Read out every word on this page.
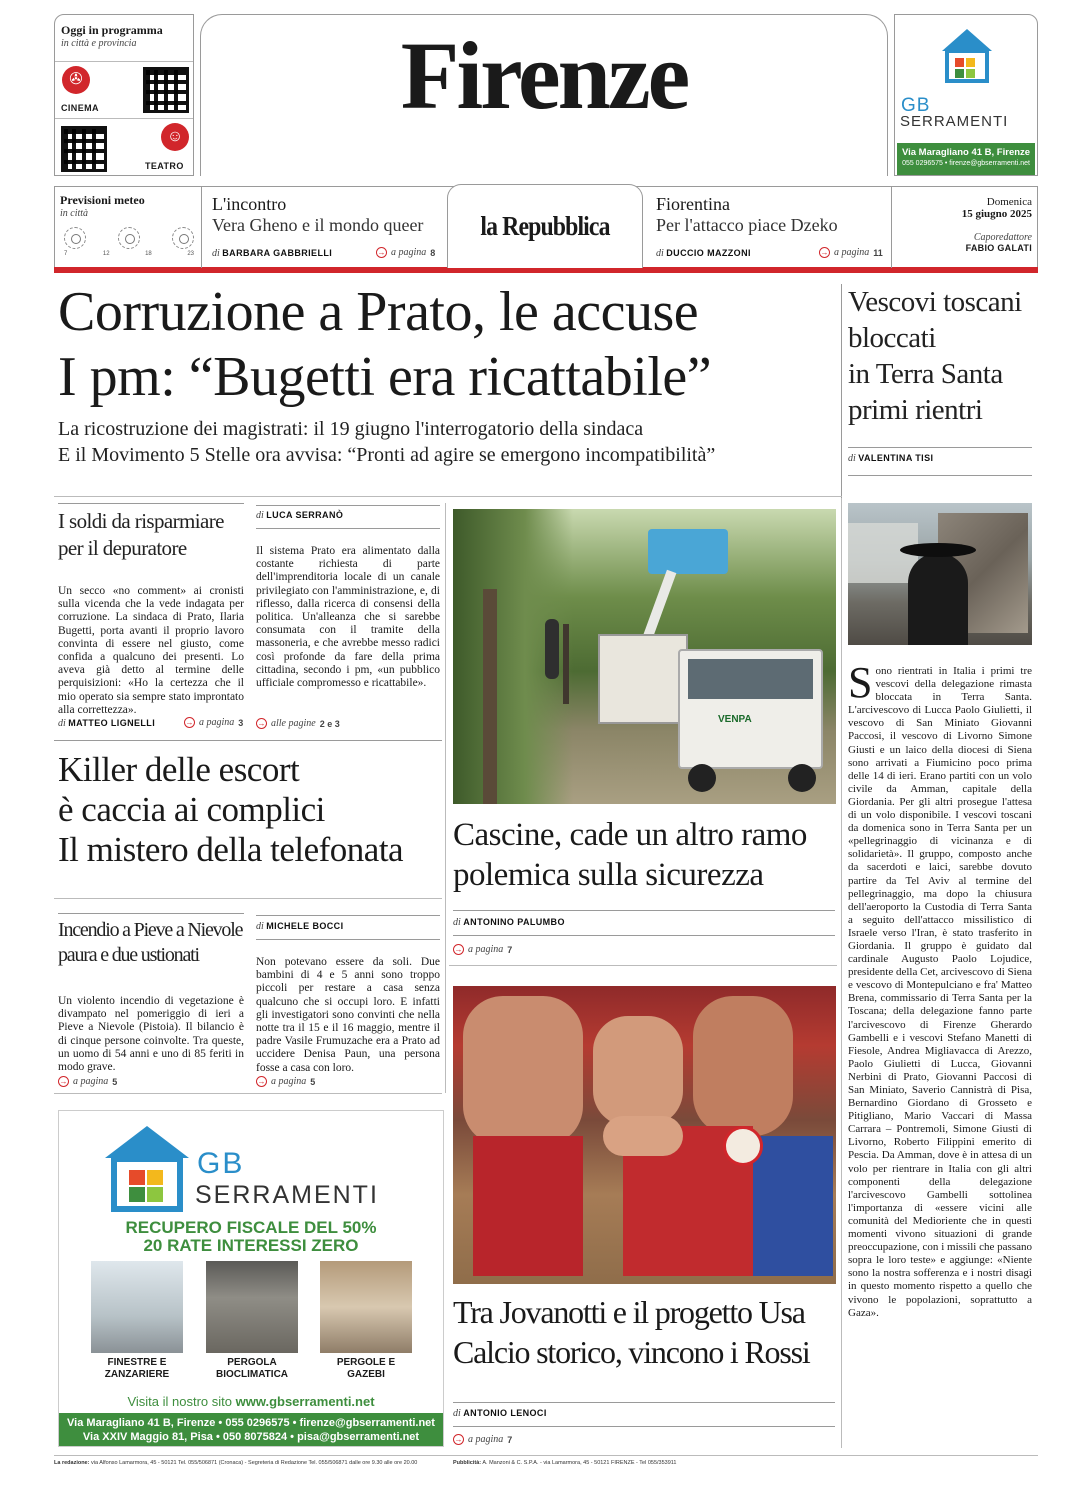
Oggi in programma
in città e provincia
✇
CINEMA
☺
TEATRO
Firenze	GB
SERRAMENTI
Via Maragliano 41 B, Firenze
055 0296575 • firenze@gbserramenti.net
Previsioni meteo
in città
7	12	18	23
L'incontro
Vera Gheno e il mondo queer
di BARBARA GABBRIELLI	→ a pagina 8
la Repubblica
Fiorentina
Per l'attacco piace Dzeko
di DUCCIO MAZZONI	→ a pagina 11
Domenica
15 giugno 2025
Caporedattore
FABIO GALATI
Corruzione a Prato, le accuse
I pm: “Bugetti era ricattabile”
La ricostruzione dei magistrati: il 19 giugno l'interrogatorio della sindaca
E il Movimento 5 Stelle ora avvisa: “Pronti ad agire se emergono incompatibilità”
Vescovi toscani
bloccati
in Terra Santa
primi rientri
di VALENTINA TISI
Sono rientrati in Italia i primi tre vescovi della delegazione rimasta bloccata in Terra Santa. L'arcivescovo di Lucca Paolo Giulietti, il vescovo di San Miniato Giovanni Paccosi, il vescovo di Livorno Simone Giusti e un laico della diocesi di Siena sono arrivati a Fiumicino poco prima delle 14 di ieri. Erano partiti con un volo civile da Amman, capitale della Giordania. Per gli altri prosegue l'attesa di un volo disponibile. I vescovi toscani da domenica sono in Terra Santa per un «pellegrinaggio di vicinanza e di solidarietà». Il gruppo, composto anche da sacerdoti e laici, sarebbe dovuto partire da Tel Aviv al termine del pellegrinaggio, ma dopo la chiusura dell'aeroporto la Custodia di Terra Santa a seguito dell'attacco missilistico di Israele verso l'Iran, è stato trasferito in Giordania. Il gruppo è guidato dal cardinale Augusto Paolo Lojudice, presidente della Cet, arcivescovo di Siena e vescovo di Montepulciano e fra' Matteo Brena, commissario di Terra Santa per la Toscana; della delegazione fanno parte l'arcivescovo di Firenze Gherardo Gambelli e i vescovi Stefano Manetti di Fiesole, Andrea Migliavacca di Arezzo, Paolo Giulietti di Lucca, Giovanni Nerbini di Prato, Giovanni Paccosi di San Miniato, Saverio Cannistrà di Pisa, Bernardino Giordano di Grosseto e Pitigliano, Mario Vaccari di Massa Carrara – Pontremoli, Simone Giusti di Livorno, Roberto Filippini emerito di Pescia. Da Amman, dove è in attesa di un volo per rientrare in Italia con gli altri componenti della delegazione l'arcivescovo Gambelli sottolinea l'importanza di «essere vicini alle comunità del Medioriente che in questi momenti vivono situazioni di grande preoccupazione, con i missili che passano sopra le loro teste» e aggiunge: «Niente sono la nostra sofferenza e i nostri disagi in questo momento rispetto a quello che vivono le popolazioni, soprattutto a Gaza».
I soldi da risparmiare per il depuratore
Un secco «no comment» ai cronisti sulla vicenda che la vede indagata per corruzione. La sindaca di Prato, Ilaria Bugetti, porta avanti il proprio lavoro convinta di essere nel giusto, come confida a qualcuno dei presenti. Lo aveva già detto al termine delle perquisizioni: «Ho la certezza che il mio operato sia sempre stato improntato alla correttezza».
di MATTEO LIGNELLI	→ a pagina 3
di LUCA SERRANÒ
Il sistema Prato era alimentato dalla costante richiesta di parte dell'imprenditoria locale di un canale privilegiato con l'amministrazione, e, di riflesso, dalla ricerca di consensi della politica. Un'alleanza che si sarebbe consumata con il tramite della massoneria, e che avrebbe messo radici così profonde da fare della prima cittadina, secondo i pm, «un pubblico ufficiale compromesso e ricattabile».
→ alle pagine 2 e 3
Killer delle escort
è caccia ai complici
Il mistero della telefonata
Incendio a Pieve a Nievole paura e due ustionati
Un violento incendio di vegetazione è divampato nel pomeriggio di ieri a Pieve a Nievole (Pistoia). Il bilancio è di cinque persone coinvolte. Tra queste, un uomo di 54 anni e uno di 85 feriti in modo grave.
→ a pagina 5
di MICHELE BOCCI
Non potevano essere da soli. Due bambini di 4 e 5 anni sono troppo piccoli per restare a casa senza qualcuno che si occupi loro. E infatti gli investigatori sono convinti che nella notte tra il 15 e il 16 maggio, mentre il padre Vasile Frumuzache era a Prato ad uccidere Denisa Paun, una persona fosse a casa con loro.
→ a pagina 5
VENPA
Cascine, cade un altro ramo
polemica sulla sicurezza
di ANTONINO PALUMBO
→ a pagina 7
Tra Jovanotti e il progetto Usa
Calcio storico, vincono i Rossi
di ANTONIO LENOCI
→ a pagina 7
GB
SERRAMENTI
RECUPERO FISCALE DEL 50%
20 RATE INTERESSI ZERO
FINESTRE E ZANZARIERE
PERGOLA BIOCLIMATICA
PERGOLE E GAZEBI
Visita il nostro sito www.gbserramenti.net
Via Maragliano 41 B, Firenze • 055 0296575 • firenze@gbserramenti.net
Via XXIV Maggio 81, Pisa • 050 8075824 • pisa@gbserramenti.net
La redazione: via Alfonso Lamarmora, 45 - 50121 Tel. 055/506871 (Cronaca) - Segreteria di Redazione Tel. 055/506871 dalle ore 9.30 alle ore 20.00	Pubblicità: A. Manzoni & C. S.P.A. - via Lamarmora, 45 - 50121 FIRENZE - Tel 055/353911
